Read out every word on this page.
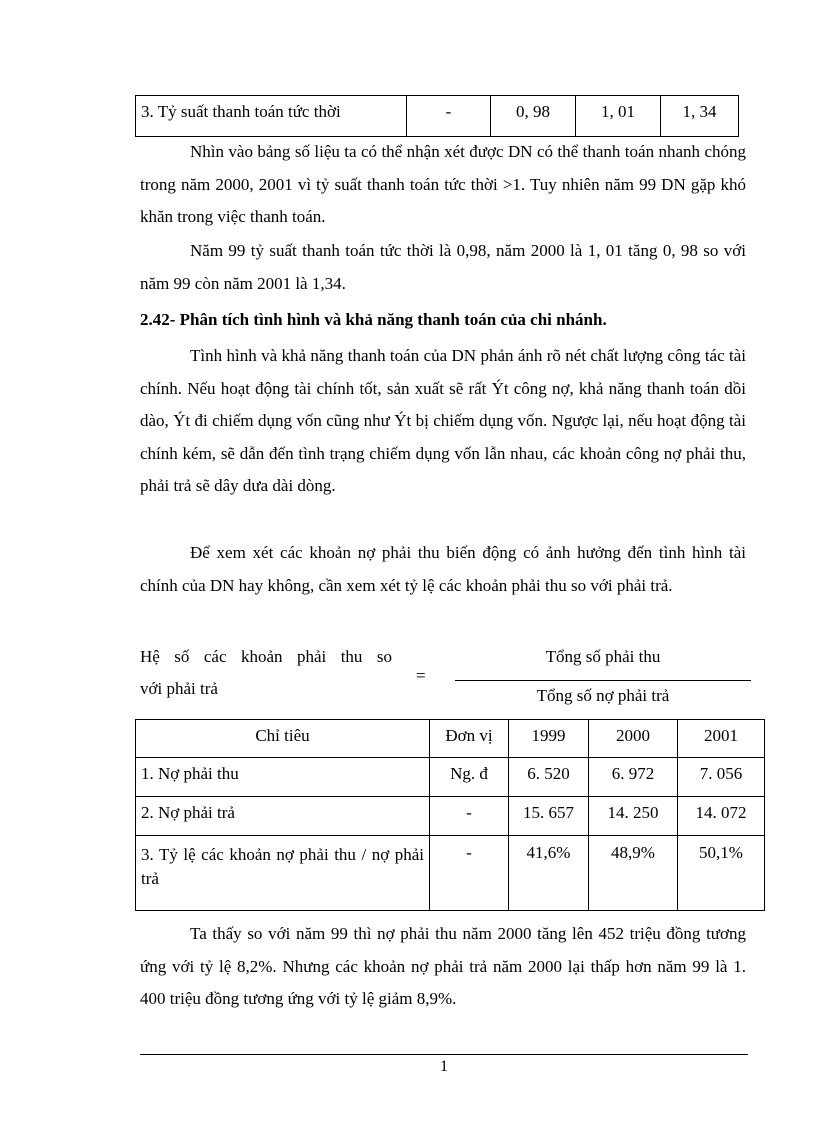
3. Tỷ suất thanh toán tức thời	-	0, 98	1, 01	1, 34
Nhìn vào bảng số liệu ta có thể nhận xét được DN có thể thanh toán nhanh chóng trong năm 2000, 2001 vì tỷ suất thanh toán tức thời >1. Tuy nhiên năm 99 DN gặp khó khăn trong việc thanh toán.
Năm 99 tỷ suất thanh toán tức thời là 0,98, năm 2000 là 1, 01 tăng 0, 98 so với năm 99 còn năm 2001 là 1,34.
2.42- Phân tích tình hình và khả năng thanh toán của chi nhánh.
Tình hình và khả năng thanh toán của DN phản ánh rõ nét chất lượng công tác tài chính. Nếu hoạt động tài chính tốt, sản xuất sẽ rất Ýt công nợ, khả năng thanh toán dồi dào, Ýt đi chiếm dụng vốn cũng như Ýt bị chiếm dụng vốn. Ngược lại, nếu hoạt động tài chính kém, sẽ dẫn đến tình trạng chiếm dụng vốn lẫn nhau, các khoản công nợ phải thu, phải trả sẽ dây dưa dài dòng.
Để xem xét các khoản nợ phải thu biến động có ảnh hưởng đến tình hình tài chính của DN hay không, cần xem xét tỷ lệ các khoản phải thu so với phải trả.
Hệ số các khoản phải thu so
với phải trả
=
Tổng số phải thu
Tổng số nợ phải trả
Chỉ tiêu	Đơn vị	1999	2000	2001
1. Nợ phải thu	Ng. đ	6. 520	6. 972	7. 056
2. Nợ phải trả	-	15. 657	14. 250	14. 072
3. Tỷ lệ các khoản nợ phải thu / nợ phải trả	-	41,6%	48,9%	50,1%
Ta thấy so với năm 99 thì nợ phải thu năm 2000 tăng lên 452 triệu đồng tương ứng với tỷ lệ 8,2%. Nhưng các khoản nợ phải trả năm 2000 lại thấp hơn năm 99 là 1. 400 triệu đồng tương ứng với tỷ lệ giảm 8,9%.
1
